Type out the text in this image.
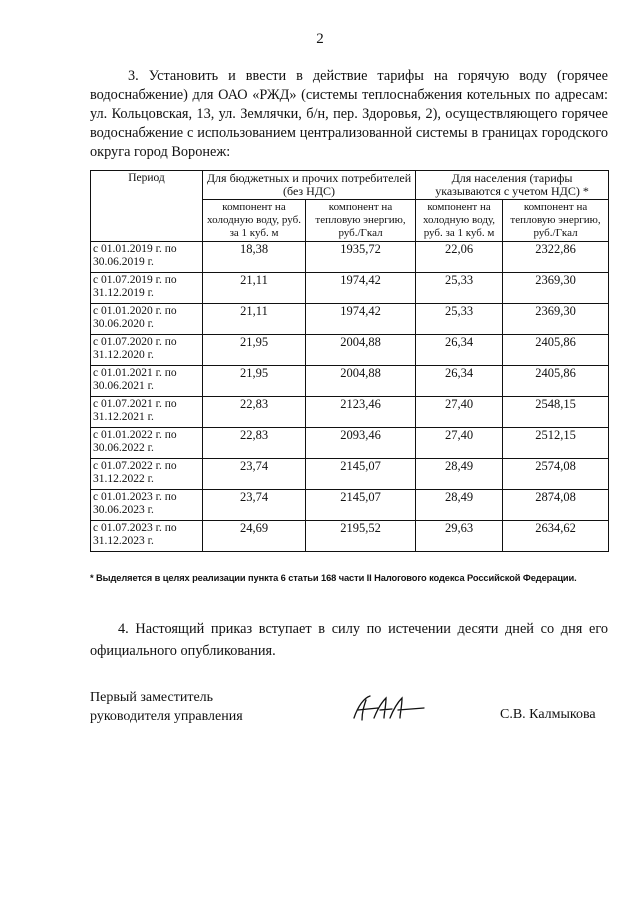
2

3. Установить и ввести в действие тарифы на горячую воду (горячее водоснабжение) для ОАО «РЖД» (системы теплоснабжения котельных по адресам: ул. Кольцовская, 13, ул. Землячки, б/н, пер. Здоровья, 2), осуществляющего горячее водоснабжение с использованием централизованной системы в границах городского округа город Воронеж:

Период	Для бюджетных и прочих потребителей (без НДС)		Для населения (тарифы указываются с учетом НДС) *	
	компонент на холодную воду, руб. за 1 куб. м	компонент на тепловую энергию, руб./Гкал	компонент на холодную воду, руб. за 1 куб. м	компонент на тепловую энергию, руб./Гкал
с 01.01.2019 г. по 30.06.2019 г.	18,38	1935,72	22,06	2322,86
с 01.07.2019 г. по 31.12.2019 г.	21,11	1974,42	25,33	2369,30
с 01.01.2020 г. по 30.06.2020 г.	21,11	1974,42	25,33	2369,30
с 01.07.2020 г. по 31.12.2020 г.	21,95	2004,88	26,34	2405,86
с 01.01.2021 г. по 30.06.2021 г.	21,95	2004,88	26,34	2405,86
с 01.07.2021 г. по 31.12.2021 г.	22,83	2123,46	27,40	2548,15
с 01.01.2022 г. по 30.06.2022 г.	22,83	2093,46	27,40	2512,15
с 01.07.2022 г. по 31.12.2022 г.	23,74	2145,07	28,49	2574,08
с 01.01.2023 г. по 30.06.2023 г.	23,74	2145,07	28,49	2874,08
с 01.07.2023 г. по 31.12.2023 г.	24,69	2195,52	29,63	2634,62
* Выделяется в целях реализации пункта 6 статьи 168 части II Налогового кодекса Российской Федерации.

4. Настоящий приказ вступает в силу по истечении десяти дней со дня его официального опубликования.

Первый заместитель
руководителя управления	С.В. Калмыкова
